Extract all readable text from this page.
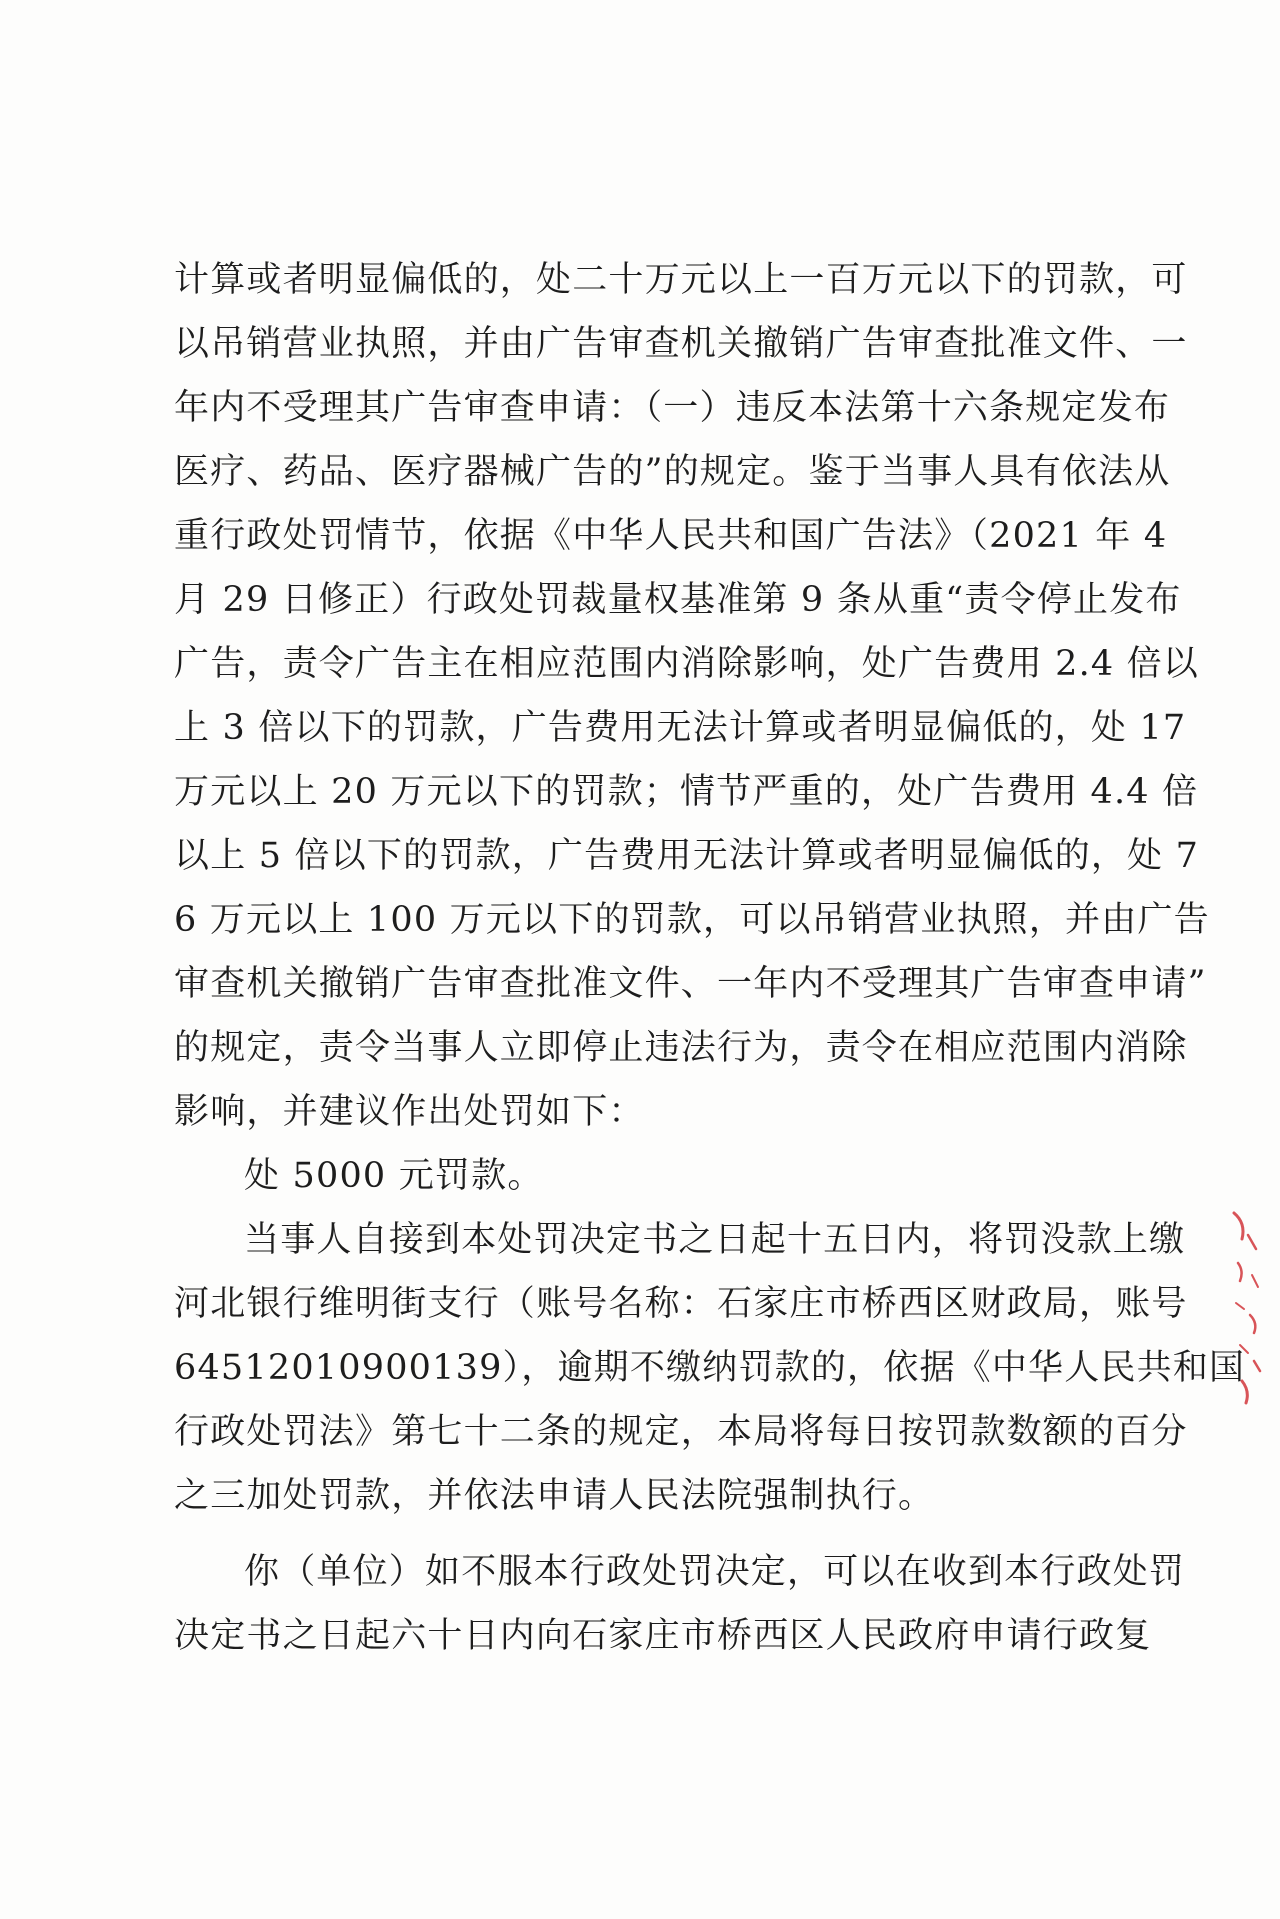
计算或者明显偏低的，处二十万元以上一百万元以下的罚款，可
以吊销营业执照，并由广告审查机关撤销广告审查批准文件、一
年内不受理其广告审查申请：（一）违反本法第十六条规定发布
医疗、药品、医疗器械广告的”的规定。鉴于当事人具有依法从
重行政处罚情节，依据《中华人民共和国广告法》（2021 年 4
月 29 日修正）行政处罚裁量权基准第 9 条从重“责令停止发布
广告，责令广告主在相应范围内消除影响，处广告费用 2.4 倍以
上 3 倍以下的罚款，广告费用无法计算或者明显偏低的，处 17
万元以上 20 万元以下的罚款；情节严重的，处广告费用 4.4 倍
以上 5 倍以下的罚款，广告费用无法计算或者明显偏低的，处 7
6 万元以上 100 万元以下的罚款，可以吊销营业执照，并由广告
审查机关撤销广告审查批准文件、一年内不受理其广告审查申请”
的规定，责令当事人立即停止违法行为，责令在相应范围内消除
影响，并建议作出处罚如下：
处 5000 元罚款。
当事人自接到本处罚决定书之日起十五日内，将罚没款上缴
河北银行维明街支行（账号名称：石家庄市桥西区财政局，账号
64512010900139），逾期不缴纳罚款的，依据《中华人民共和国
行政处罚法》第七十二条的规定，本局将每日按罚款数额的百分
之三加处罚款，并依法申请人民法院强制执行。
你（单位）如不服本行政处罚决定，可以在收到本行政处罚
决定书之日起六十日内向石家庄市桥西区人民政府申请行政复
